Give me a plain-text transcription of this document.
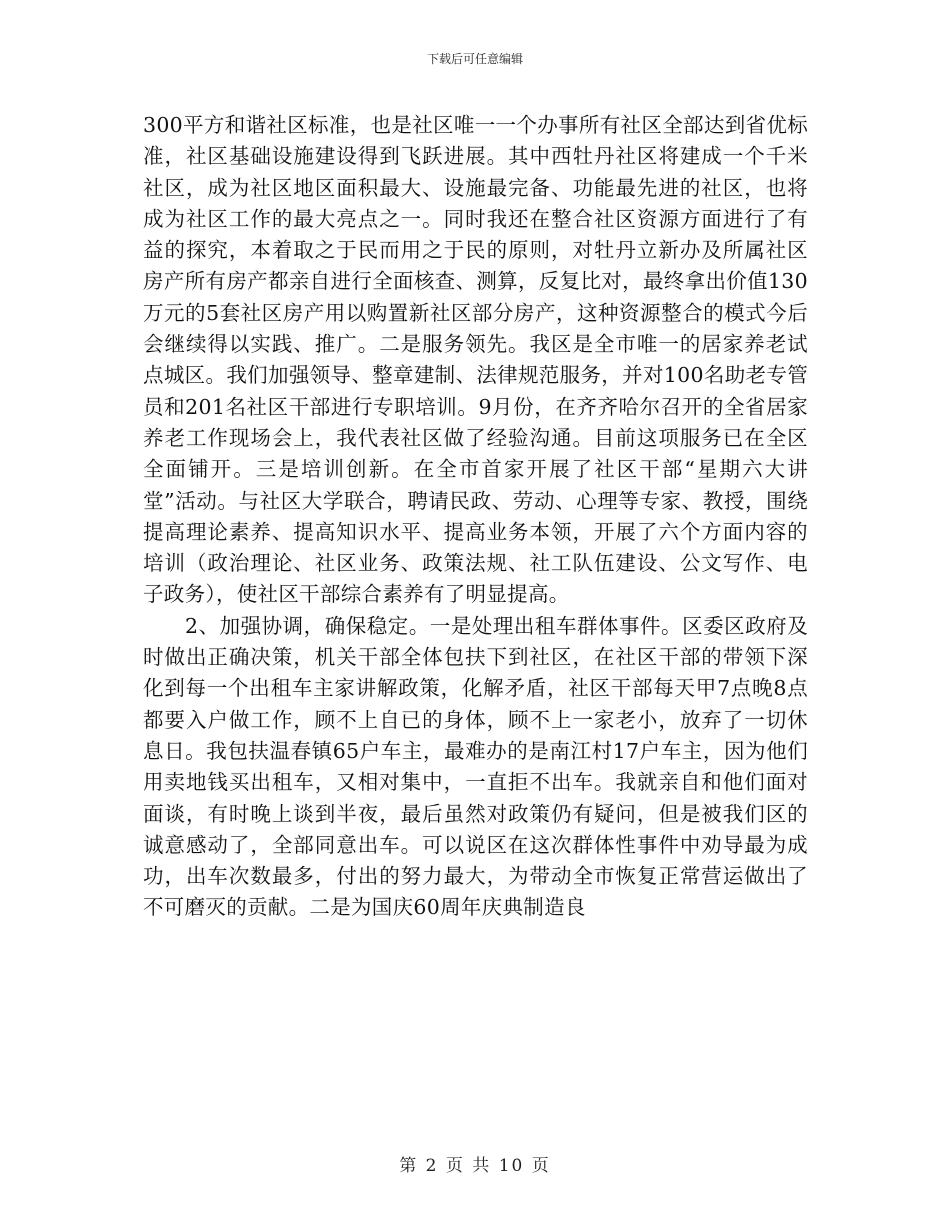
下载后可任意编辑

300平方和谐社区标准，也是社区唯一一个办事所有社区全部达到省优标准，社区基础设施建设得到飞跃进展。其中西牡丹社区将建成一个千米社区，成为社区地区面积最大、设施最完备、功能最先进的社区，也将成为社区工作的最大亮点之一。同时我还在整合社区资源方面进行了有益的探究，本着取之于民而用之于民的原则，对牡丹立新办及所属社区房产所有房产都亲自进行全面核查、测算，反复比对，最终拿出价值130万元的5套社区房产用以购置新社区部分房产，这种资源整合的模式今后会继续得以实践、推广。二是服务领先。我区是全市唯一的居家养老试点城区。我们加强领导、整章建制、法律规范服务，并对100名助老专管员和201名社区干部进行专职培训。9月份，在齐齐哈尔召开的全省居家养老工作现场会上，我代表社区做了经验沟通。目前这项服务已在全区全面铺开。三是培训创新。在全市首家开展了社区干部“星期六大讲堂”活动。与社区大学联合，聘请民政、劳动、心理等专家、教授，围绕提高理论素养、提高知识水平、提高业务本领，开展了六个方面内容的培训（政治理论、社区业务、政策法规、社工队伍建设、公文写作、电子政务），使社区干部综合素养有了明显提高。

2、加强协调，确保稳定。一是处理出租车群体事件。区委区政府及时做出正确决策，机关干部全体包扶下到社区，在社区干部的带领下深化到每一个出租车主家讲解政策，化解矛盾，社区干部每天甲7点晚8点都要入户做工作，顾不上自已的身体，顾不上一家老小，放弃了一切休息日。我包扶温春镇65户车主，最难办的是南江村17户车主，因为他们用卖地钱买出租车，又相对集中，一直拒不出车。我就亲自和他们面对面谈，有时晚上谈到半夜，最后虽然对政策仍有疑问，但是被我们区的诚意感动了，全部同意出车。可以说区在这次群体性事件中劝导最为成功，出车次数最多，付出的努力最大，为带动全市恢复正常营运做出了不可磨灭的贡献。二是为国庆60周年庆典制造良

第 2 页 共 10 页
